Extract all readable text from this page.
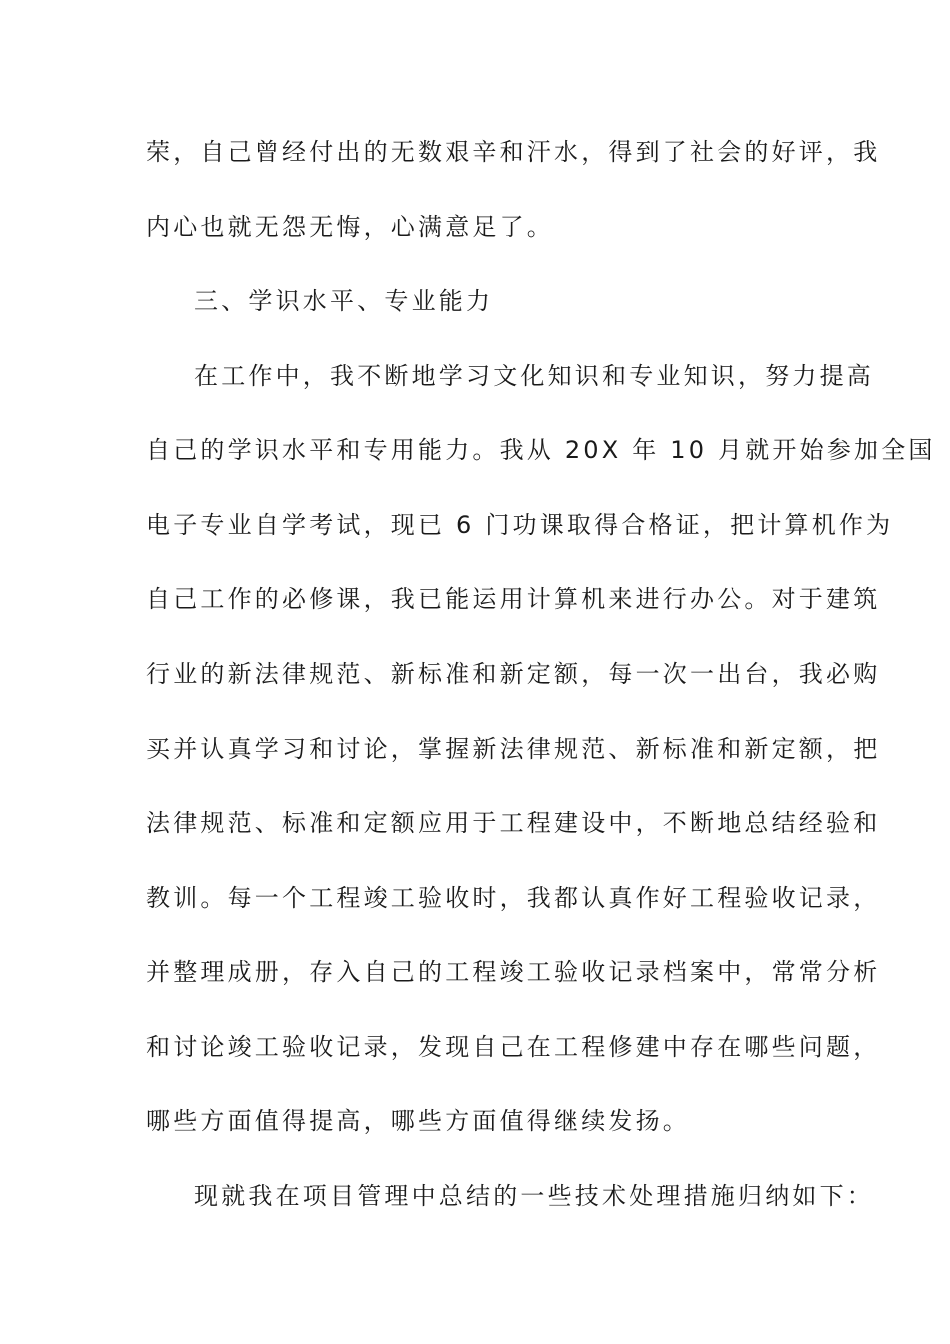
荣，自己曾经付出的无数艰辛和汗水，得到了社会的好评，我
内心也就无怨无悔，心满意足了。
三、学识水平、专业能力
在工作中，我不断地学习文化知识和专业知识，努力提高
自己的学识水平和专用能力。我从 20X 年 10 月就开始参加全国
电子专业自学考试，现已 6 门功课取得合格证，把计算机作为
自己工作的必修课，我已能运用计算机来进行办公。对于建筑
行业的新法律规范、新标准和新定额，每一次一出台，我必购
买并认真学习和讨论，掌握新法律规范、新标准和新定额，把
法律规范、标准和定额应用于工程建设中，不断地总结经验和
教训。每一个工程竣工验收时，我都认真作好工程验收记录，
并整理成册，存入自己的工程竣工验收记录档案中，常常分析
和讨论竣工验收记录，发现自己在工程修建中存在哪些问题，
哪些方面值得提高，哪些方面值得继续发扬。
现就我在项目管理中总结的一些技术处理措施归纳如下：
